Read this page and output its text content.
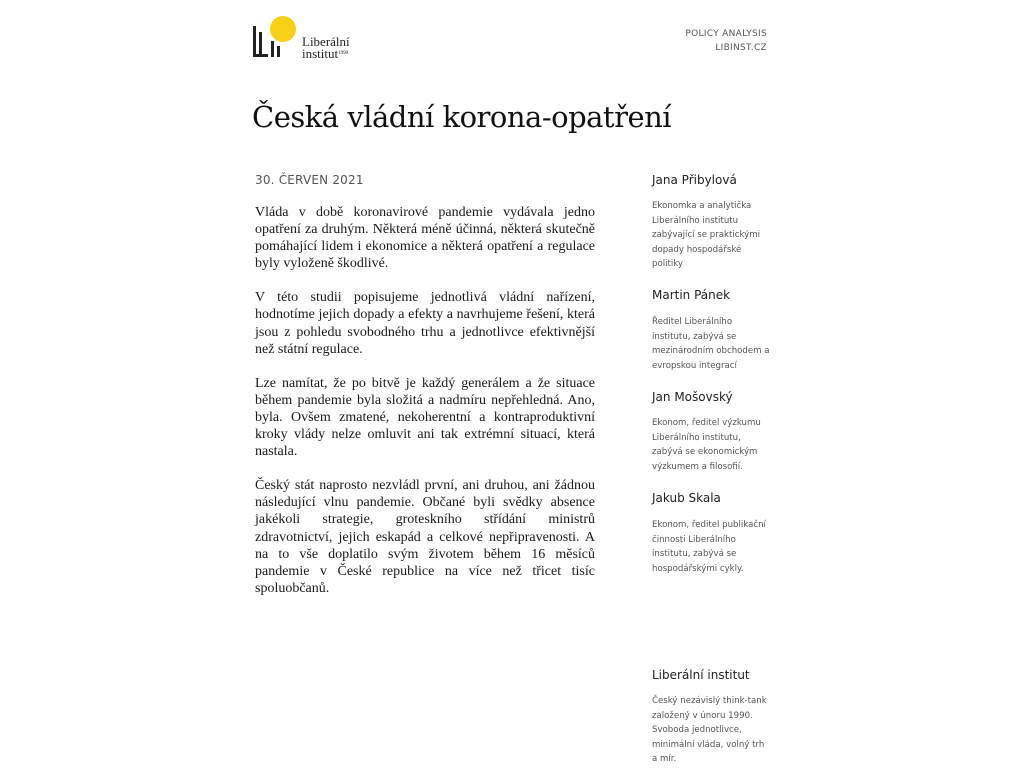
Liberální
institut$^{1990}$
POLICY ANALYSIS
LIBINST.CZ
Česká vládní korona-opatření
30. ČERVEN 2021

Vláda v době koronavirové pandemie vydávala jedno opatření za druhým. Některá méně účinná, některá skutečně pomáhající lidem i ekonomice a některá opatření a regulace byly vyloženě škodlivé.

V této studii popisujeme jednotlivá vládní nařízení, hodnotíme jejich dopady a efekty a navrhujeme řešení, která jsou z pohledu svobodného trhu a jednotlivce efektivnější než státní regulace.

Lze namítat, že po bitvě je každý generálem a že situace během pandemie byla složitá a nadmíru nepřehledná. Ano, byla. Ovšem zmatené, nekoherentní a kontraproduktivní kroky vlády nelze omluvit ani tak extrémní situací, která nastala.

Český stát naprosto nezvládl první, ani druhou, ani žádnou následující vlnu pandemie. Občané byli svědky absence jakékoli strategie, groteskního střídání ministrů zdravotnictví, jejich eskapád a celkové nepřipravenosti. A na to vše doplatilo svým životem během 16 měsíců pandemie v České republice na více než třicet tisíc spoluobčanů.

Jana Přibylová
Ekonomka a analytička Liberálního institutu zabývající se praktickými dopady hospodářské politiky
Martin Pánek
Ředitel Liberálního institutu, zabývá se mezinárodním obchodem a evropskou integrací
Jan Mošovský
Ekonom, ředitel výzkumu Liberálního institutu, zabývá se ekonomickým výzkumem a filosofií.
Jakub Skala
Ekonom, ředitel publikační činnosti Liberálního institutu, zabývá se hospodářskými cykly.
Liberální institut
Český nezávislý think-tank založený v únoru 1990. Svoboda jednotlivce, minimální vláda, volný trh a mír.
